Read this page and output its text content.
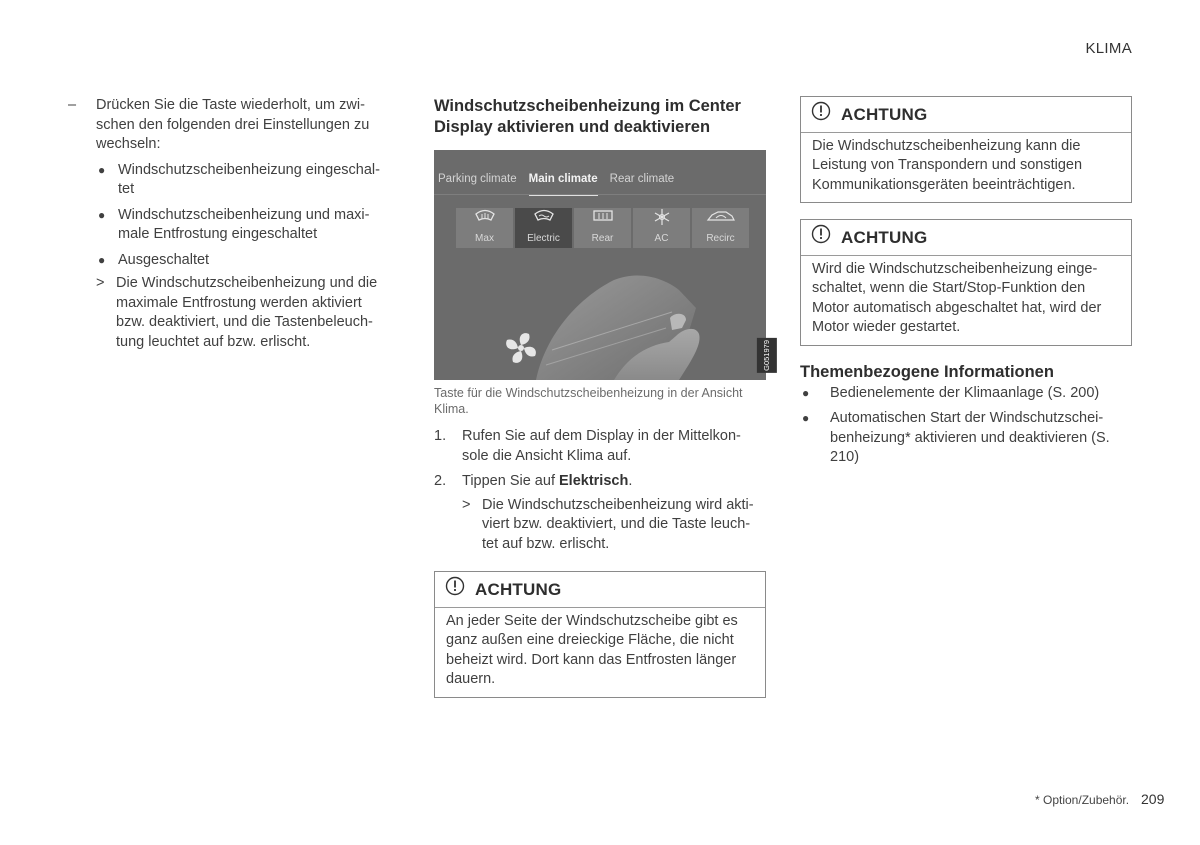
KLIMA
–	Drücken Sie die Taste wiederholt, um zwi-schen den folgenden drei Einstellungen zu wechseln:
● Windschutzscheibenheizung eingeschal-tet
● Windschutzscheibenheizung und maxi-male Entfrostung eingeschaltet
● Ausgeschaltet
> Die Windschutzscheibenheizung und die maximale Entfrostung werden aktiviert bzw. deaktiviert, und die Tastenbeleuch-tung leuchtet auf bzw. erlischt.
Windschutzscheibenheizung im Center Display aktivieren und deaktivieren
Parking climate	Main climate	Rear climate
Max	Electric	Rear	AC	Recirc
G051979
Taste für die Windschutzscheibenheizung in der Ansicht Klima.
1.	Rufen Sie auf dem Display in der Mittelkon-sole die Ansicht Klima auf.
2.	Tippen Sie auf Elektrisch.
> Die Windschutzscheibenheizung wird akti-viert bzw. deaktiviert, und die Taste leuch-tet auf bzw. erlischt.
ACHTUNG
An jeder Seite der Windschutzscheibe gibt es ganz außen eine dreieckige Fläche, die nicht beheizt wird. Dort kann das Entfrosten länger dauern.
ACHTUNG
Die Windschutzscheibenheizung kann die Leistung von Transpondern und sonstigen Kommunikationsgeräten beeinträchtigen.
ACHTUNG
Wird die Windschutzscheibenheizung einge-schaltet, wenn die Start/Stop-Funktion den Motor automatisch abgeschaltet hat, wird der Motor wieder gestartet.
Themenbezogene Informationen
●	Bedienelemente der Klimaanlage (S. 200)
●	Automatischen Start der Windschutzschei-benheizung* aktivieren und deaktivieren (S. 210)
* Option/Zubehör. 209
